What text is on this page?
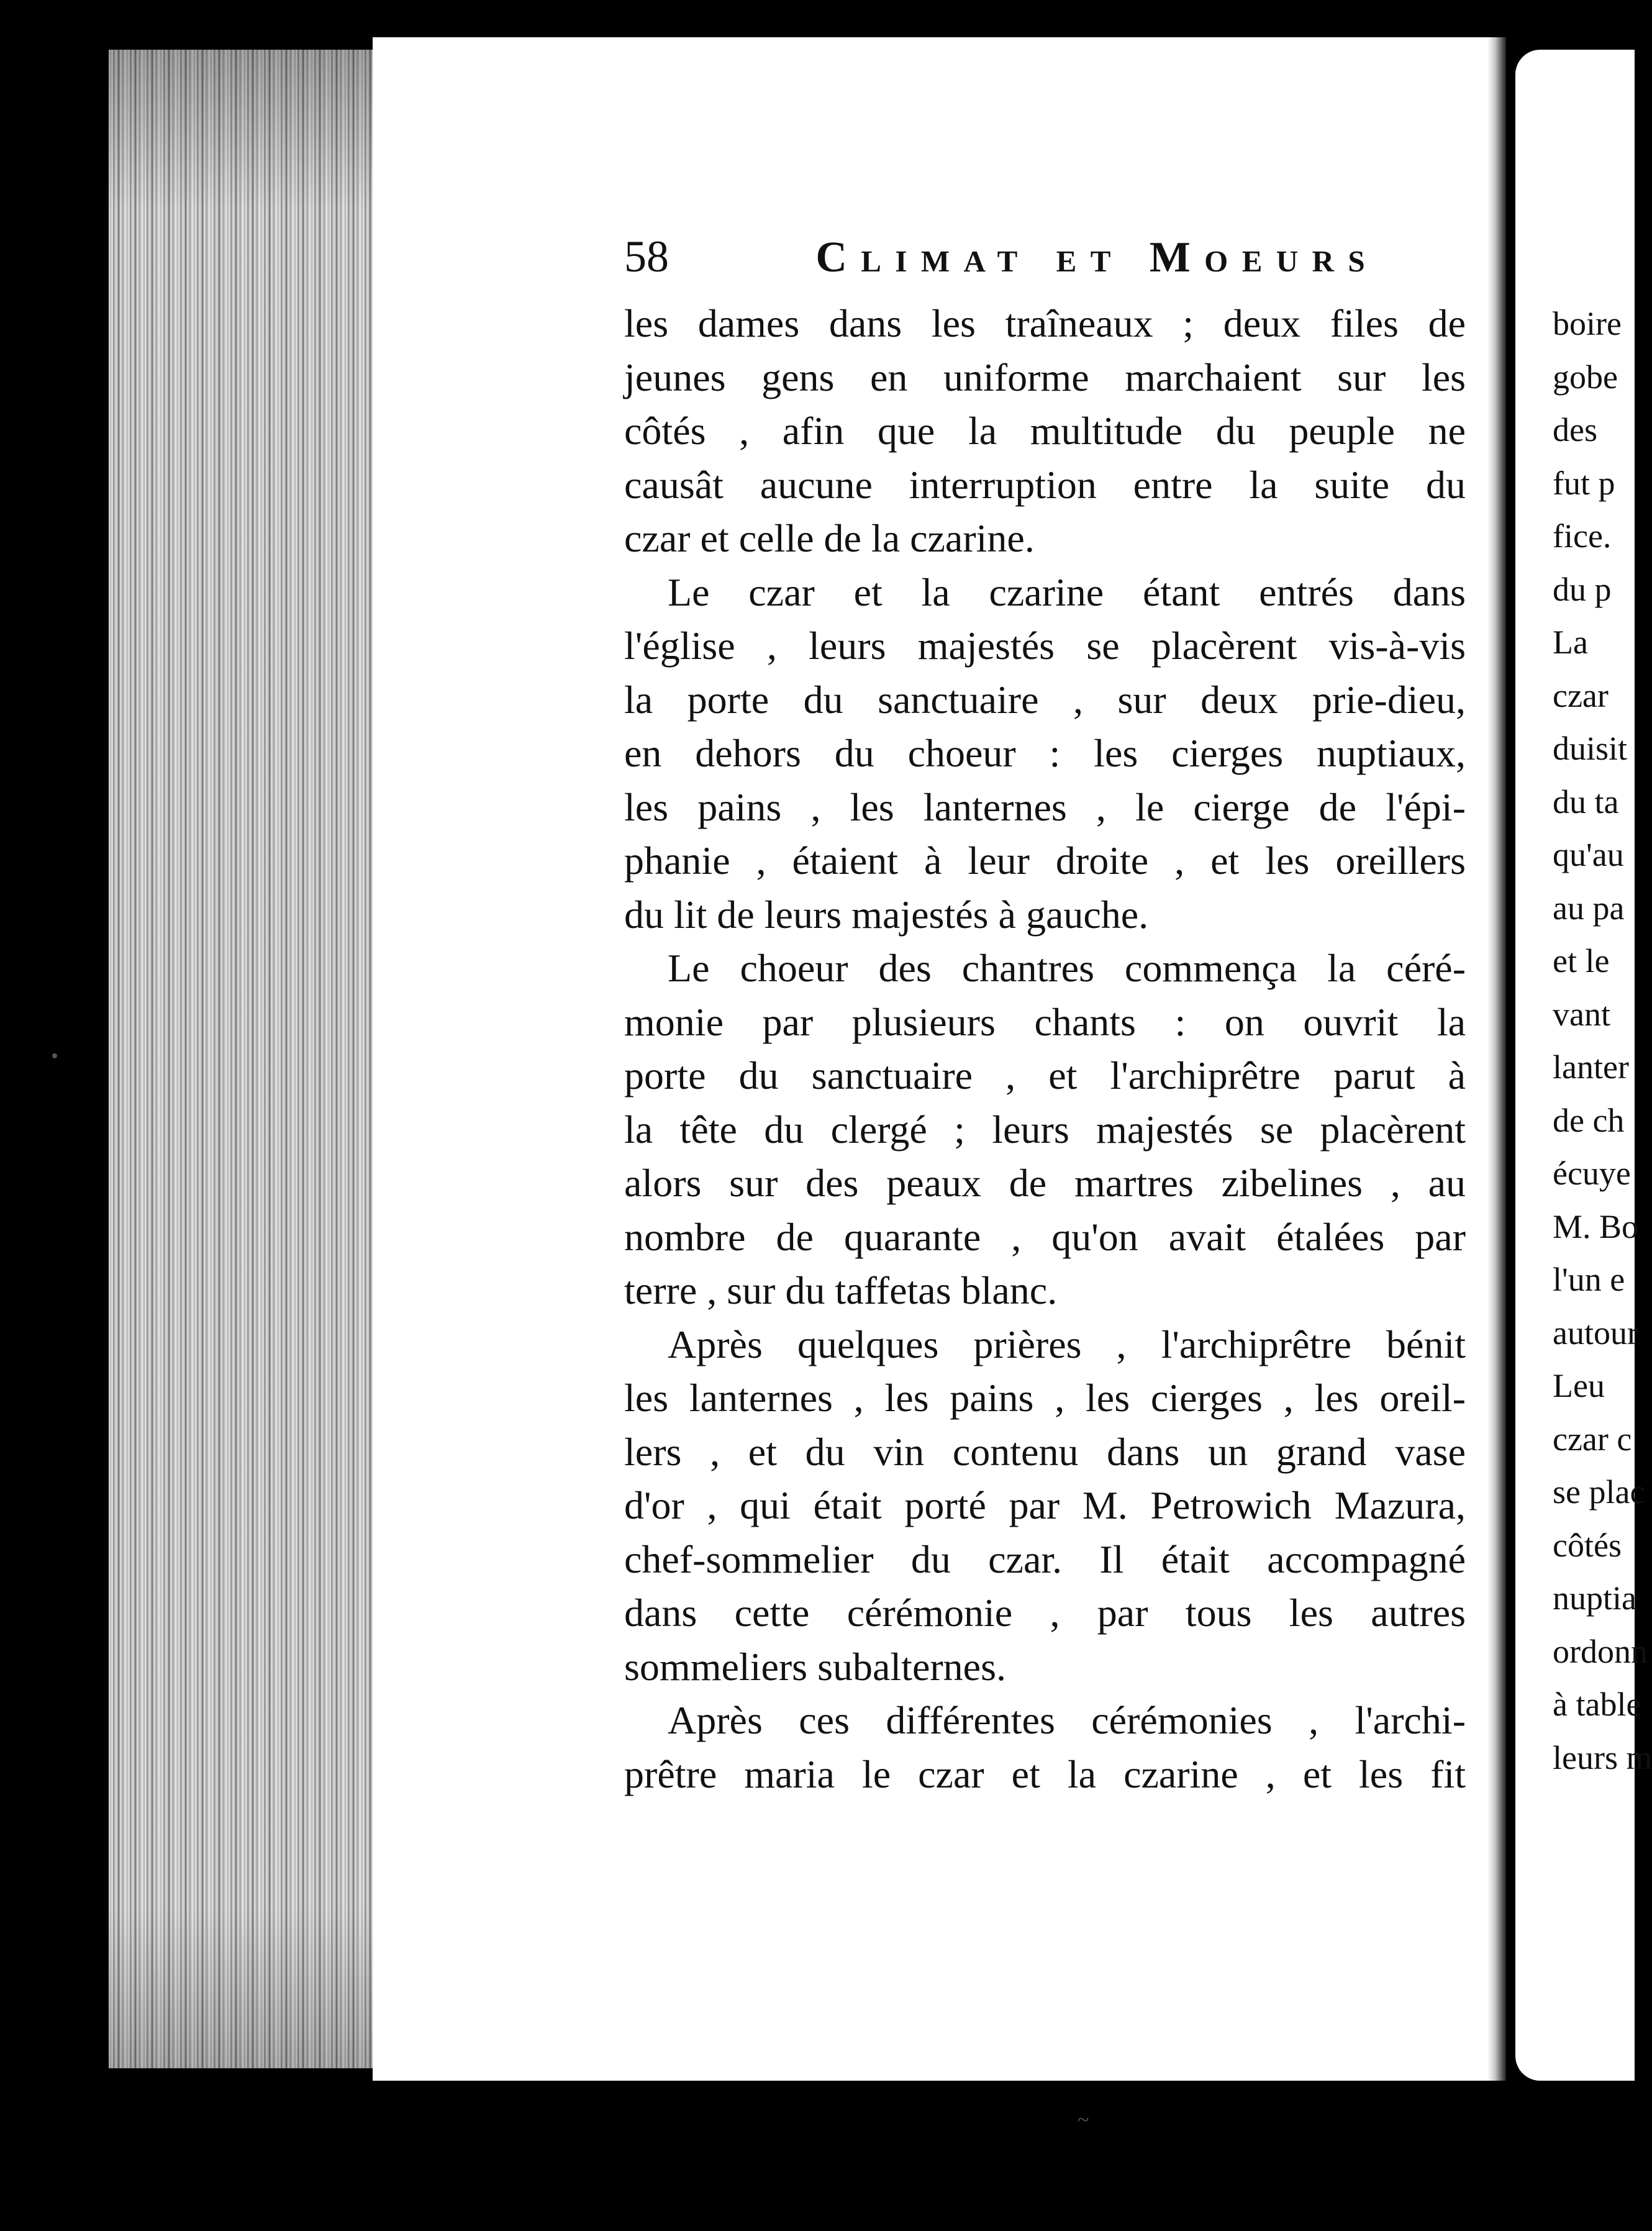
58	Climat et Moeurs
les dames dans les traîneaux ; deux files de
jeunes gens en uniforme marchaient sur les
côtés , afin que la multitude du peuple ne
causât aucune interruption entre la suite du
czar et celle de la czarine.
Le czar et la czarine étant entrés dans
l'église , leurs majestés se placèrent vis-à-vis
la porte du sanctuaire , sur deux prie-dieu,
en dehors du choeur : les cierges nuptiaux,
les pains , les lanternes , le cierge de l'épi-
phanie , étaient à leur droite , et les oreillers
du lit de leurs majestés à gauche.
Le choeur des chantres commença la céré-
monie par plusieurs chants : on ouvrit la
porte du sanctuaire , et l'archiprêtre parut à
la tête du clergé ; leurs majestés se placèrent
alors sur des peaux de martres zibelines , au
nombre de quarante , qu'on avait étalées par
terre , sur du taffetas blanc.
Après quelques prières , l'archiprêtre bénit
les lanternes , les pains , les cierges , les oreil-
lers , et du vin contenu dans un grand vase
d'or , qui était porté par M. Petrowich Mazura,
chef-sommelier du czar. Il était accompagné
dans cette cérémonie , par tous les autres
sommeliers subalternes.
Après ces différentes cérémonies , l'archi-
prêtre maria le czar et la czarine , et les fit
boire
gobe
des
fut p
fice.
du p
La
czar
duisit
du ta
qu'au
au pa
et le
vant
lanter
de ch
écuye
M. Bo
l'un e
autour
Leu
czar c
se plac
côtés
nuptia
ordonn
à table
leurs m
•
~
